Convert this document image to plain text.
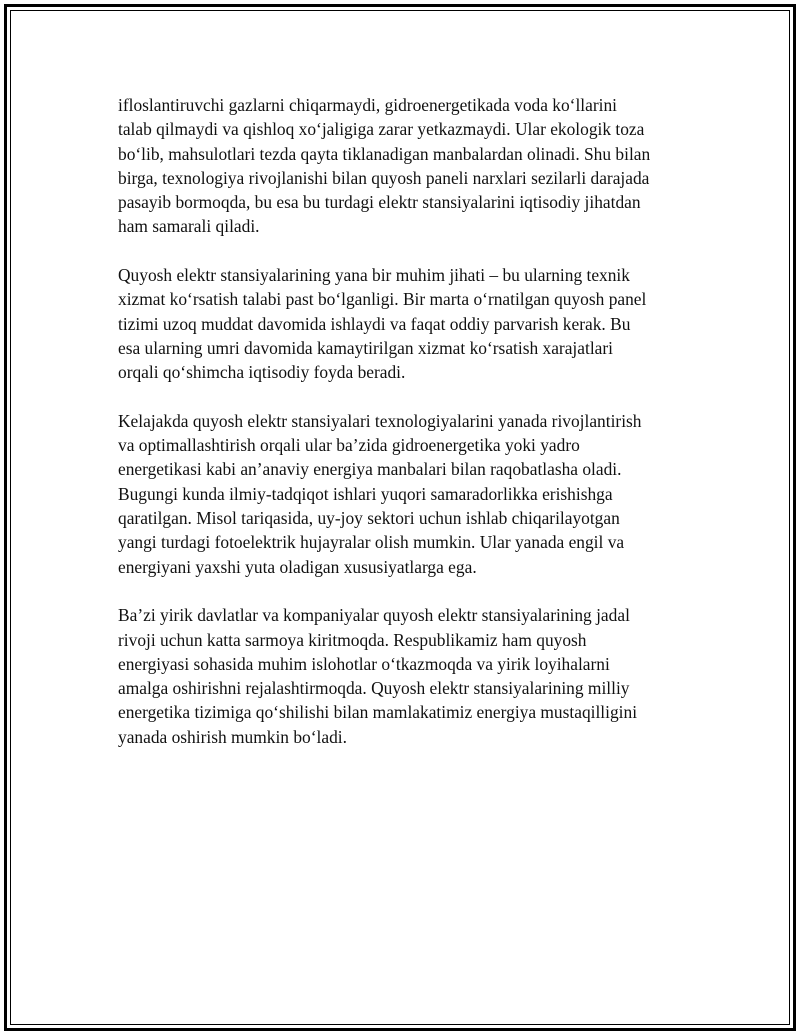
ifloslantiruvchi gazlarni chiqarmaydi, gidroenergetikada voda koʻllarini
talab qilmaydi va qishloq xoʻjaligiga zarar yetkazmaydi. Ular ekologik toza
boʻlib, mahsulotlari tezda qayta tiklanadigan manbalardan olinadi. Shu bilan
birga, texnologiya rivojlanishi bilan quyosh paneli narxlari sezilarli darajada
pasayib bormoqda, bu esa bu turdagi elektr stansiyalarini iqtisodiy jihatdan
ham samarali qiladi.

Quyosh elektr stansiyalarining yana bir muhim jihati – bu ularning texnik
xizmat koʻrsatish talabi past boʻlganligi. Bir marta oʻrnatilgan quyosh panel
tizimi uzoq muddat davomida ishlaydi va faqat oddiy parvarish kerak. Bu
esa ularning umri davomida kamaytirilgan xizmat koʻrsatish xarajatlari
orqali qoʻshimcha iqtisodiy foyda beradi.

Kelajakda quyosh elektr stansiyalari texnologiyalarini yanada rivojlantirish
va optimallashtirish orqali ular baʼzida gidroenergetika yoki yadro
energetikasi kabi anʼanaviy energiya manbalari bilan raqobatlasha oladi.
Bugungi kunda ilmiy-tadqiqot ishlari yuqori samaradorlikka erishishga
qaratilgan. Misol tariqasida, uy-joy sektori uchun ishlab chiqarilayotgan
yangi turdagi fotoelektrik hujayralar olish mumkin. Ular yanada engil va
energiyani yaxshi yuta oladigan xususiyatlarga ega.

Baʼzi yirik davlatlar va kompaniyalar quyosh elektr stansiyalarining jadal
rivoji uchun katta sarmoya kiritmoqda. Respublikamiz ham quyosh
energiyasi sohasida muhim islohotlar oʻtkazmoqda va yirik loyihalarni
amalga oshirishni rejalashtirmoqda. Quyosh elektr stansiyalarining milliy
energetika tizimiga qoʻshilishi bilan mamlakatimiz energiya mustaqilligini
yanada oshirish mumkin boʻladi.
